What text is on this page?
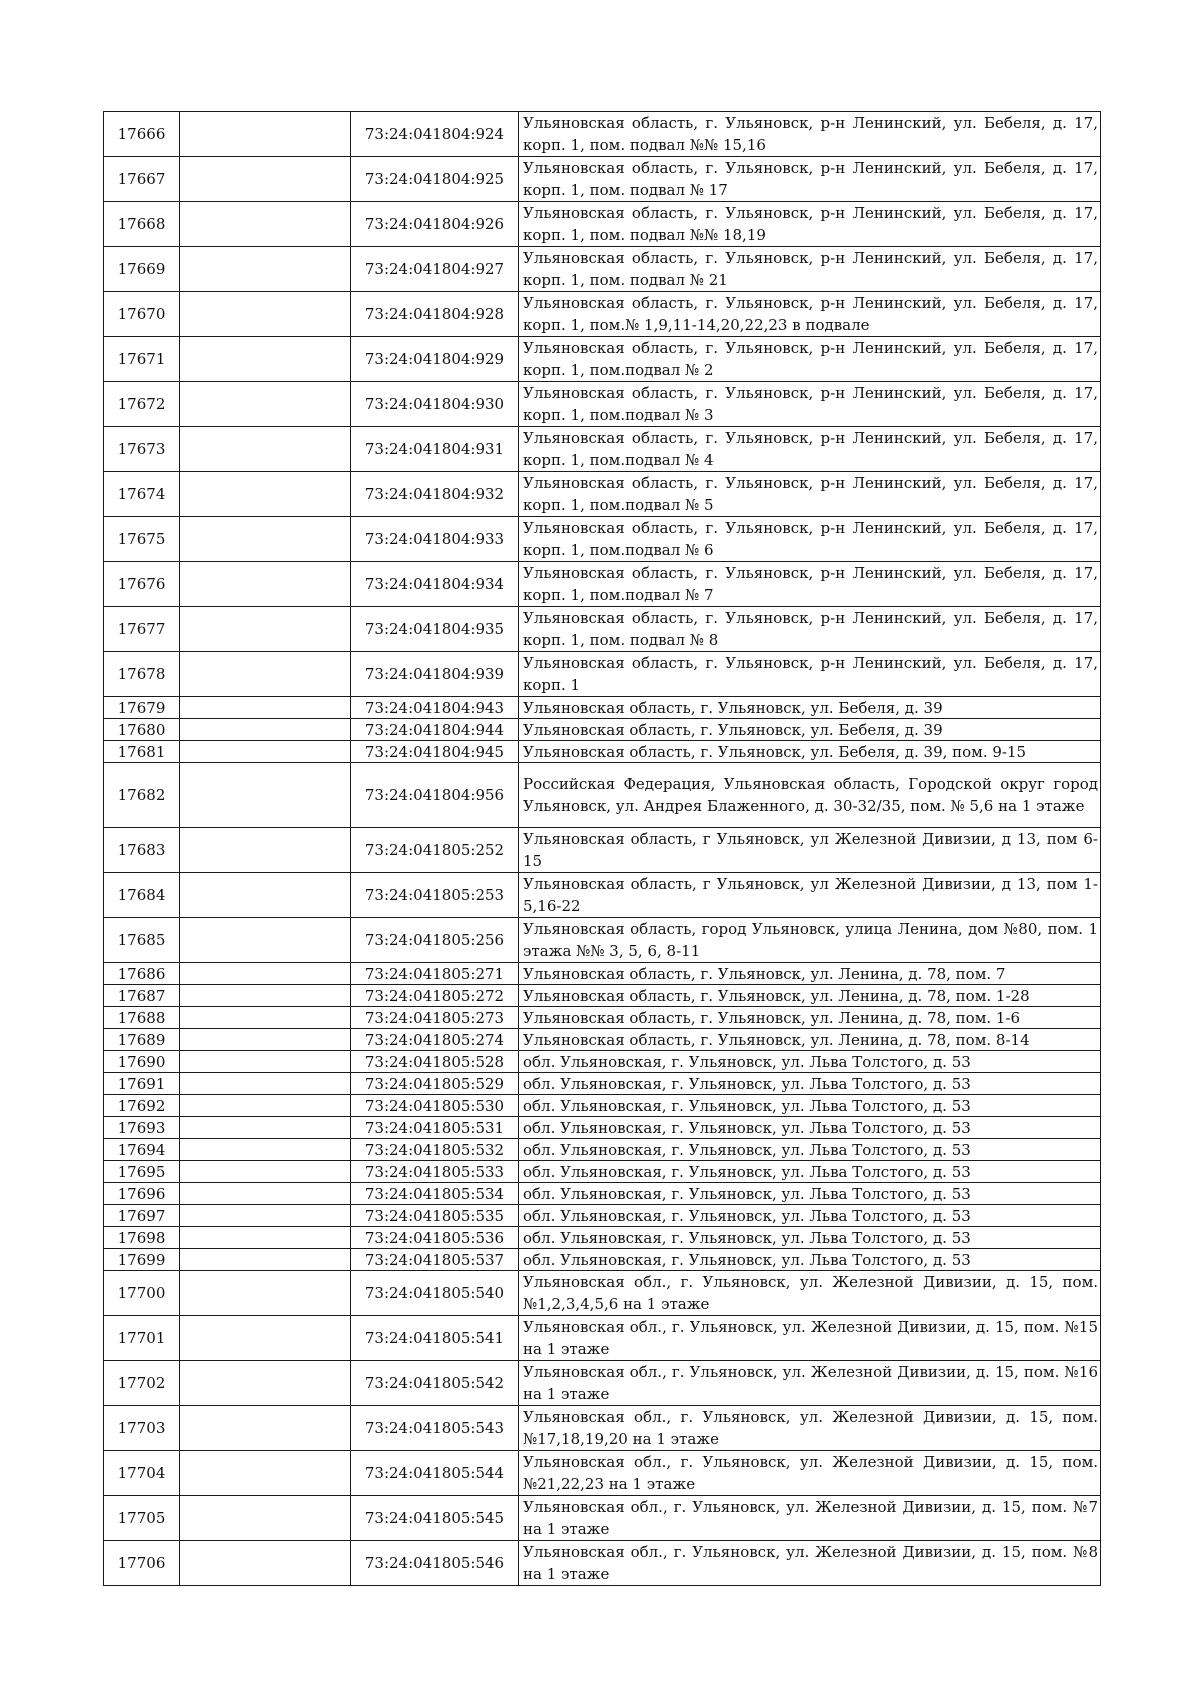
17666		73:24:041804:924	Ульяновская область, г. Ульяновск, р-н Ленинский, ул. Бебеля, д. 17, корп. 1, пом. подвал №№ 15,16
17667		73:24:041804:925	Ульяновская область, г. Ульяновск, р-н Ленинский, ул. Бебеля, д. 17, корп. 1, пом. подвал № 17
17668		73:24:041804:926	Ульяновская область, г. Ульяновск, р-н Ленинский, ул. Бебеля, д. 17, корп. 1, пом. подвал №№ 18,19
17669		73:24:041804:927	Ульяновская область, г. Ульяновск, р-н Ленинский, ул. Бебеля, д. 17, корп. 1, пом. подвал № 21
17670		73:24:041804:928	Ульяновская область, г. Ульяновск, р-н Ленинский, ул. Бебеля, д. 17, корп. 1, пом.№ 1,9,11-14,20,22,23 в подвале
17671		73:24:041804:929	Ульяновская область, г. Ульяновск, р-н Ленинский, ул. Бебеля, д. 17, корп. 1, пом.подвал № 2
17672		73:24:041804:930	Ульяновская область, г. Ульяновск, р-н Ленинский, ул. Бебеля, д. 17, корп. 1, пом.подвал № 3
17673		73:24:041804:931	Ульяновская область, г. Ульяновск, р-н Ленинский, ул. Бебеля, д. 17, корп. 1, пом.подвал № 4
17674		73:24:041804:932	Ульяновская область, г. Ульяновск, р-н Ленинский, ул. Бебеля, д. 17, корп. 1, пом.подвал № 5
17675		73:24:041804:933	Ульяновская область, г. Ульяновск, р-н Ленинский, ул. Бебеля, д. 17, корп. 1, пом.подвал № 6
17676		73:24:041804:934	Ульяновская область, г. Ульяновск, р-н Ленинский, ул. Бебеля, д. 17, корп. 1, пом.подвал № 7
17677		73:24:041804:935	Ульяновская область, г. Ульяновск, р-н Ленинский, ул. Бебеля, д. 17, корп. 1, пом. подвал № 8
17678		73:24:041804:939	Ульяновская область, г. Ульяновск, р-н Ленинский, ул. Бебеля, д. 17, корп. 1
17679		73:24:041804:943	Ульяновская область, г. Ульяновск, ул. Бебеля, д. 39
17680		73:24:041804:944	Ульяновская область, г. Ульяновск, ул. Бебеля, д. 39
17681		73:24:041804:945	Ульяновская область, г. Ульяновск, ул. Бебеля, д. 39, пом. 9-15
17682		73:24:041804:956	Российская Федерация, Ульяновская область, Городской округ город Ульяновск, ул. Андрея Блаженного, д. 30-32/35, пом. № 5,6 на 1 этаже
17683		73:24:041805:252	Ульяновская область, г Ульяновск, ул Железной Дивизии, д 13, пом 6-15
17684		73:24:041805:253	Ульяновская область, г Ульяновск, ул Железной Дивизии, д 13, пом 1-5,16-22
17685		73:24:041805:256	Ульяновская область, город Ульяновск, улица Ленина, дом №80, пом. 1 этажа №№ 3, 5, 6, 8-11
17686		73:24:041805:271	Ульяновская область, г. Ульяновск, ул. Ленина, д. 78, пом. 7
17687		73:24:041805:272	Ульяновская область, г. Ульяновск, ул. Ленина, д. 78, пом. 1-28
17688		73:24:041805:273	Ульяновская область, г. Ульяновск, ул. Ленина, д. 78, пом. 1-6
17689		73:24:041805:274	Ульяновская область, г. Ульяновск, ул. Ленина, д. 78, пом. 8-14
17690		73:24:041805:528	обл. Ульяновская, г. Ульяновск, ул. Льва Толстого, д. 53
17691		73:24:041805:529	обл. Ульяновская, г. Ульяновск, ул. Льва Толстого, д. 53
17692		73:24:041805:530	обл. Ульяновская, г. Ульяновск, ул. Льва Толстого, д. 53
17693		73:24:041805:531	обл. Ульяновская, г. Ульяновск, ул. Льва Толстого, д. 53
17694		73:24:041805:532	обл. Ульяновская, г. Ульяновск, ул. Льва Толстого, д. 53
17695		73:24:041805:533	обл. Ульяновская, г. Ульяновск, ул. Льва Толстого, д. 53
17696		73:24:041805:534	обл. Ульяновская, г. Ульяновск, ул. Льва Толстого, д. 53
17697		73:24:041805:535	обл. Ульяновская, г. Ульяновск, ул. Льва Толстого, д. 53
17698		73:24:041805:536	обл. Ульяновская, г. Ульяновск, ул. Льва Толстого, д. 53
17699		73:24:041805:537	обл. Ульяновская, г. Ульяновск, ул. Льва Толстого, д. 53
17700		73:24:041805:540	Ульяновская обл., г. Ульяновск, ул. Железной Дивизии, д. 15, пом. №1,2,3,4,5,6 на 1 этаже
17701		73:24:041805:541	Ульяновская обл., г. Ульяновск, ул. Железной Дивизии, д. 15, пом. №15 на 1 этаже
17702		73:24:041805:542	Ульяновская обл., г. Ульяновск, ул. Железной Дивизии, д. 15, пом. №16 на 1 этаже
17703		73:24:041805:543	Ульяновская обл., г. Ульяновск, ул. Железной Дивизии, д. 15, пом. №17,18,19,20 на 1 этаже
17704		73:24:041805:544	Ульяновская обл., г. Ульяновск, ул. Железной Дивизии, д. 15, пом. №21,22,23 на 1 этаже
17705		73:24:041805:545	Ульяновская обл., г. Ульяновск, ул. Железной Дивизии, д. 15, пом. №7 на 1 этаже
17706		73:24:041805:546	Ульяновская обл., г. Ульяновск, ул. Железной Дивизии, д. 15, пом. №8 на 1 этаже
